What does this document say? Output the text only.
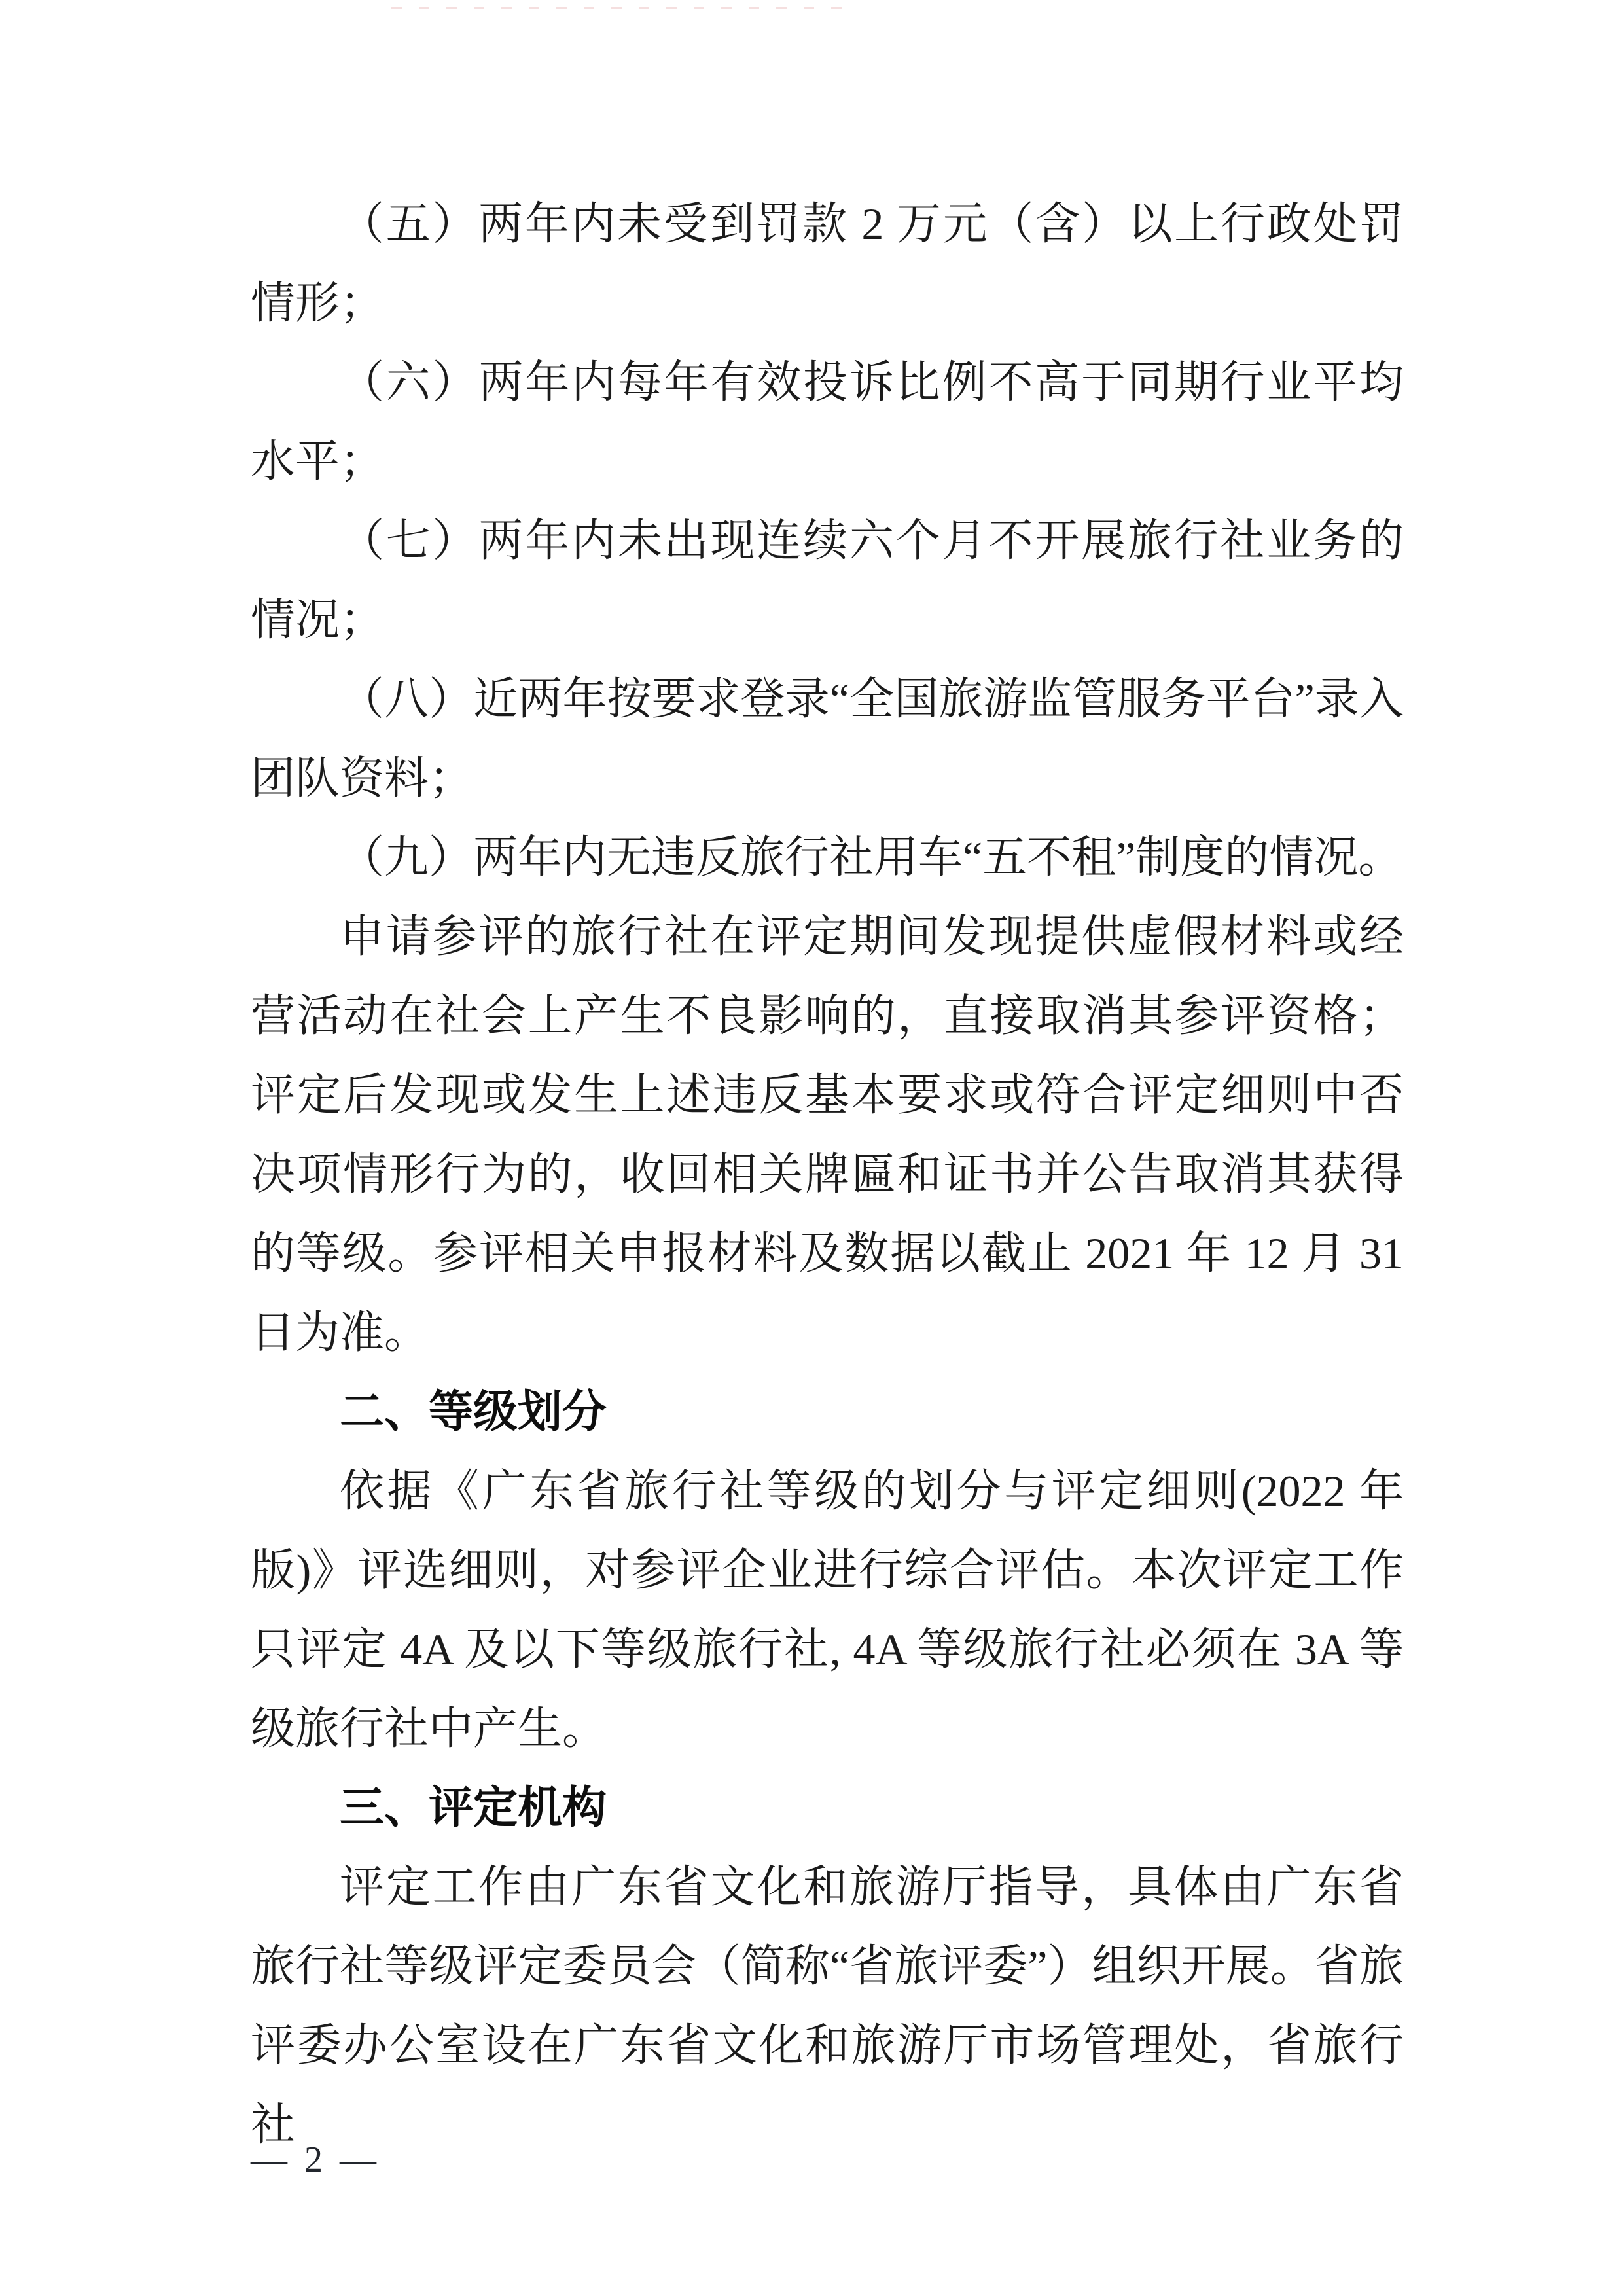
（五）两年内未受到罚款 2 万元（含）以上行政处罚情形；

（六）两年内每年有效投诉比例不高于同期行业平均水平；

（七）两年内未出现连续六个月不开展旅行社业务的情况；

（八）近两年按要求登录“全国旅游监管服务平台”录入团队资料；

（九）两年内无违反旅行社用车“五不租”制度的情况。

申请参评的旅行社在评定期间发现提供虚假材料或经营活动在社会上产生不良影响的，直接取消其参评资格；评定后发现或发生上述违反基本要求或符合评定细则中否决项情形行为的，收回相关牌匾和证书并公告取消其获得的等级。参评相关申报材料及数据以截止 2021 年 12 月 31 日为准。

二、等级划分

依据《广东省旅行社等级的划分与评定细则(2022 年版)》评选细则，对参评企业进行综合评估。本次评定工作只评定 4A 及以下等级旅行社, 4A 等级旅行社必须在 3A 等级旅行社中产生。

三、评定机构

评定工作由广东省文化和旅游厅指导，具体由广东省旅行社等级评定委员会（简称“省旅评委”）组织开展。省旅评委办公室设在广东省文化和旅游厅市场管理处，省旅行社

— 2 —
